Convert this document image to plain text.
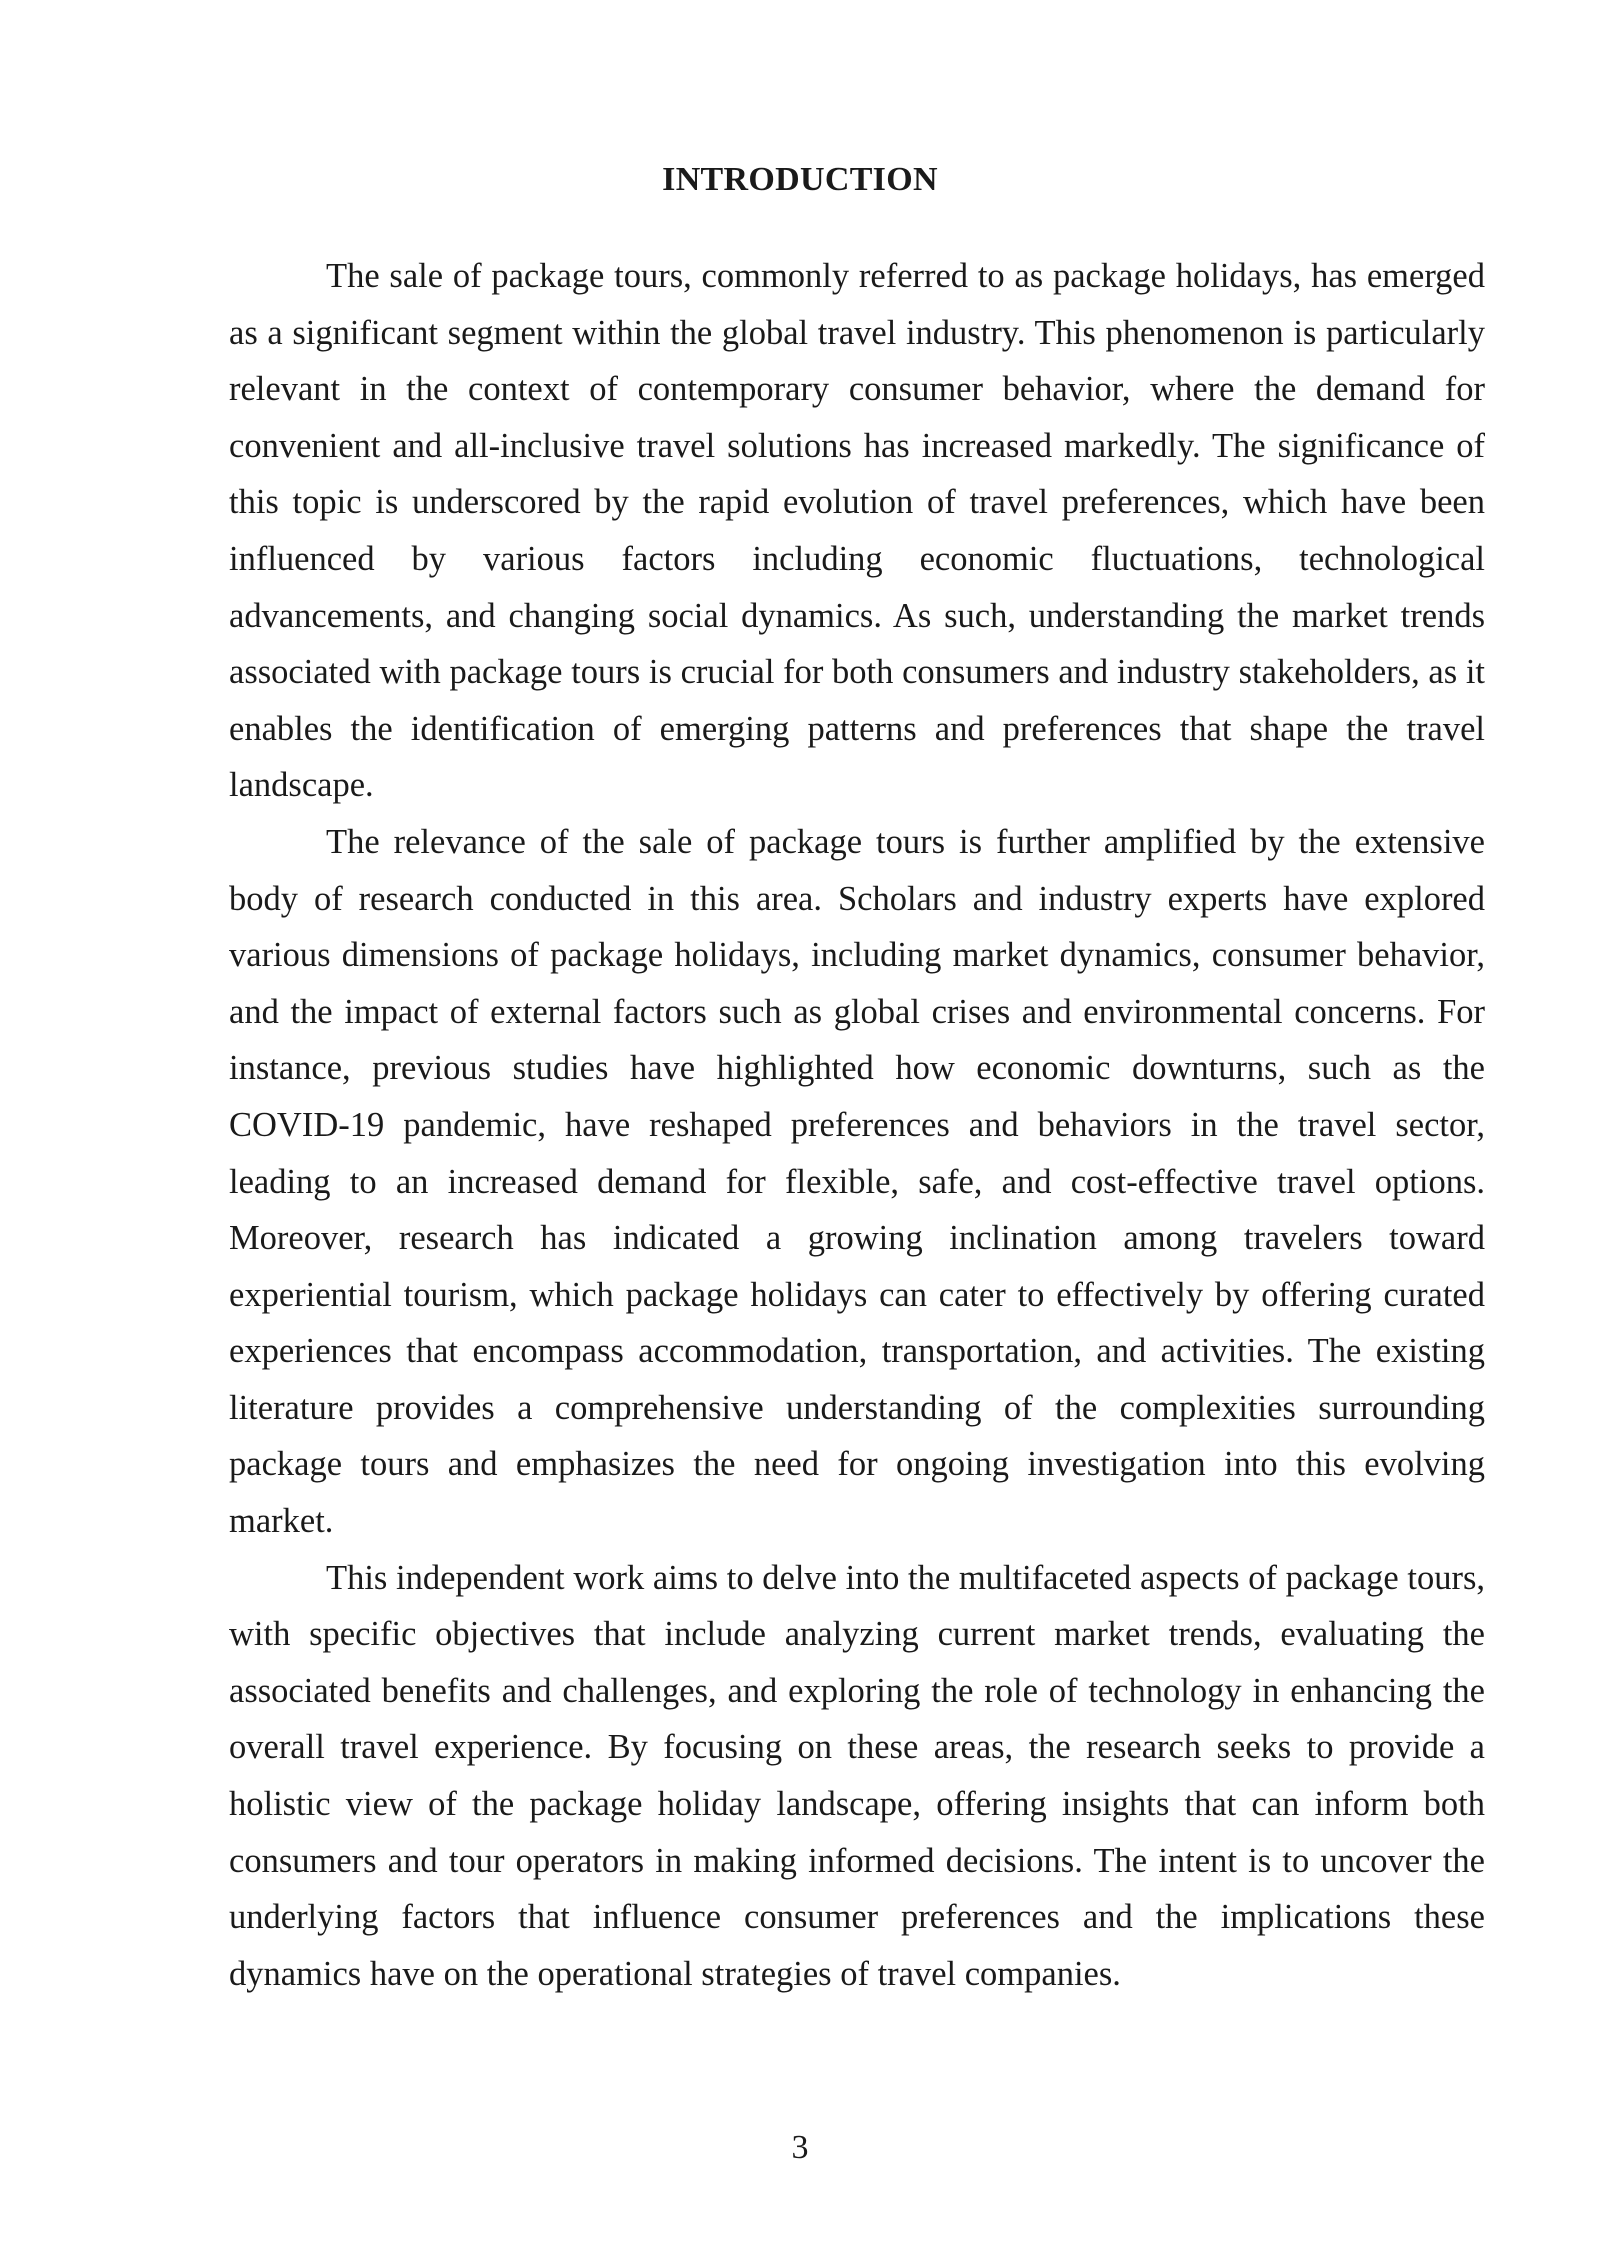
INTRODUCTION

The sale of package tours, commonly referred to as package holidays, has emerged as a significant segment within the global travel industry. This phenomenon is particularly relevant in the context of contemporary consumer behavior, where the demand for convenient and all-inclusive travel solutions has increased markedly. The significance of this topic is underscored by the rapid evolution of travel preferences, which have been influenced by various factors including economic fluctuations, technological advancements, and changing social dynamics. As such, understanding the market trends associated with package tours is crucial for both consumers and industry stakeholders, as it enables the identification of emerging patterns and preferences that shape the travel landscape.

The relevance of the sale of package tours is further amplified by the extensive body of research conducted in this area. Scholars and industry experts have explored various dimensions of package holidays, including market dynamics, consumer behavior, and the impact of external factors such as global crises and environmental concerns. For instance, previous studies have highlighted how economic downturns, such as the COVID-19 pandemic, have reshaped preferences and behaviors in the travel sector, leading to an increased demand for flexible, safe, and cost-effective travel options. Moreover, research has indicated a growing inclination among travelers toward experiential tourism, which package holidays can cater to effectively by offering curated experiences that encompass accommodation, transportation, and activities. The existing literature provides a comprehensive understanding of the complexities surrounding package tours and emphasizes the need for ongoing investigation into this evolving market.

This independent work aims to delve into the multifaceted aspects of package tours, with specific objectives that include analyzing current market trends, evaluating the associated benefits and challenges, and exploring the role of technology in enhancing the overall travel experience. By focusing on these areas, the research seeks to provide a holistic view of the package holiday landscape, offering insights that can inform both consumers and tour operators in making informed decisions. The intent is to uncover the underlying factors that influence consumer preferences and the implications these dynamics have on the operational strategies of travel companies.

3
